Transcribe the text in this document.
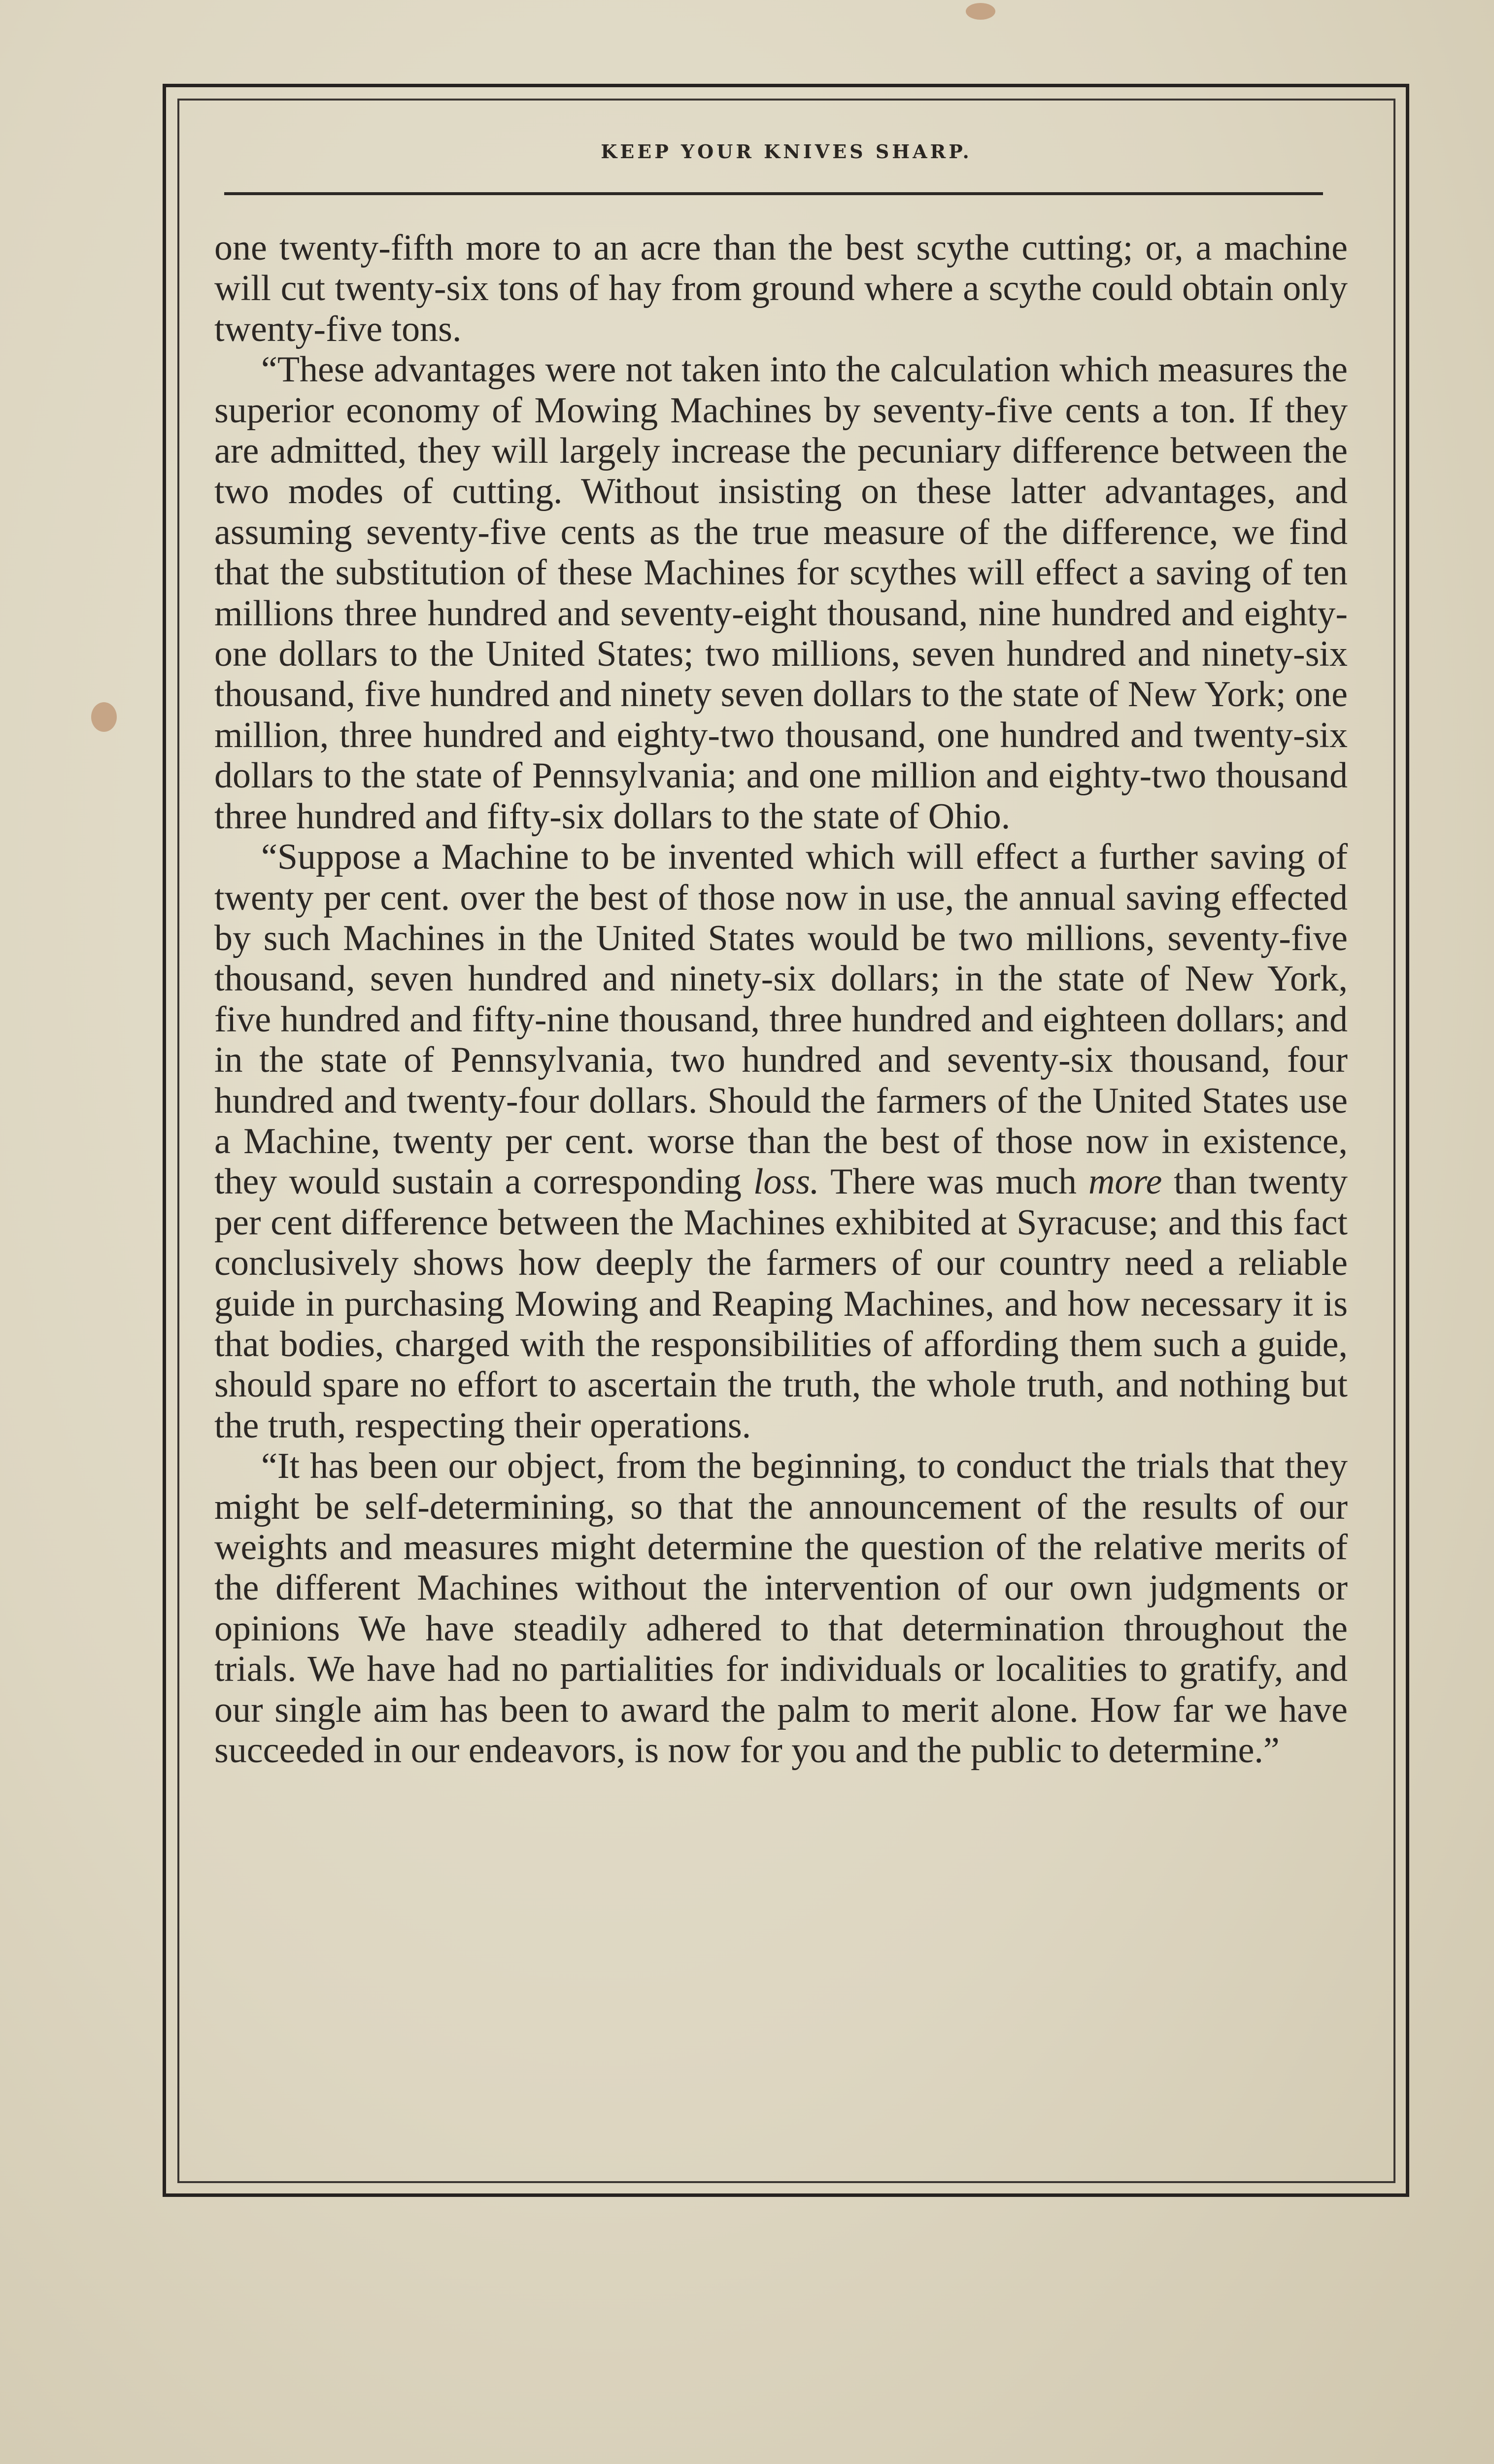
KEEP YOUR KNIVES SHARP.

one twenty-fifth more to an acre than the best scythe cutting; or, a machine will cut twenty-six tons of hay from ground where a scythe could obtain only twenty-five tons.

“These advantages were not taken into the calculation which measures the superior economy of Mowing Machines by seventy-five cents a ton. If they are admitted, they will largely increase the pecuniary difference between the two modes of cutting. Without insisting on these latter advantages, and assuming seventy-five cents as the true measure of the difference, we find that the substitution of these Machines for scythes will effect a saving of ten millions three hundred and seventy-eight thousand, nine hundred and eighty-one dollars to the United States; two millions, seven hundred and ninety-six thousand, five hundred and ninety seven dollars to the state of New York; one million, three hundred and eighty-two thousand, one hundred and twenty-six dollars to the state of Pennsylvania; and one million and eighty-two thousand three hundred and fifty-six dollars to the state of Ohio.

“Suppose a Machine to be invented which will effect a further saving of twenty per cent. over the best of those now in use, the annual saving effected by such Machines in the United States would be two millions, seventy-five thousand, seven hundred and ninety-six dollars; in the state of New York, five hundred and fifty-nine thousand, three hundred and eighteen dollars; and in the state of Pennsylvania, two hundred and seventy-six thousand, four hundred and twenty-four dollars. Should the farmers of the United States use a Machine, twenty per cent. worse than the best of those now in existence, they would sustain a corresponding loss. There was much more than twenty per cent difference between the Machines exhibited at Syracuse; and this fact conclusively shows how deeply the farmers of our country need a reliable guide in purchasing Mowing and Reaping Machines, and how necessary it is that bodies, charged with the responsibilities of affording them such a guide, should spare no effort to ascertain the truth, the whole truth, and nothing but the truth, respecting their operations.

“It has been our object, from the beginning, to conduct the trials that they might be self-determining, so that the announcement of the results of our weights and measures might determine the question of the relative merits of the different Machines without the intervention of our own judgments or opinions We have steadily adhered to that determination throughout the trials. We have had no partialities for individuals or localities to gratify, and our single aim has been to award the palm to merit alone. How far we have succeeded in our endeavors, is now for you and the public to determine.”
